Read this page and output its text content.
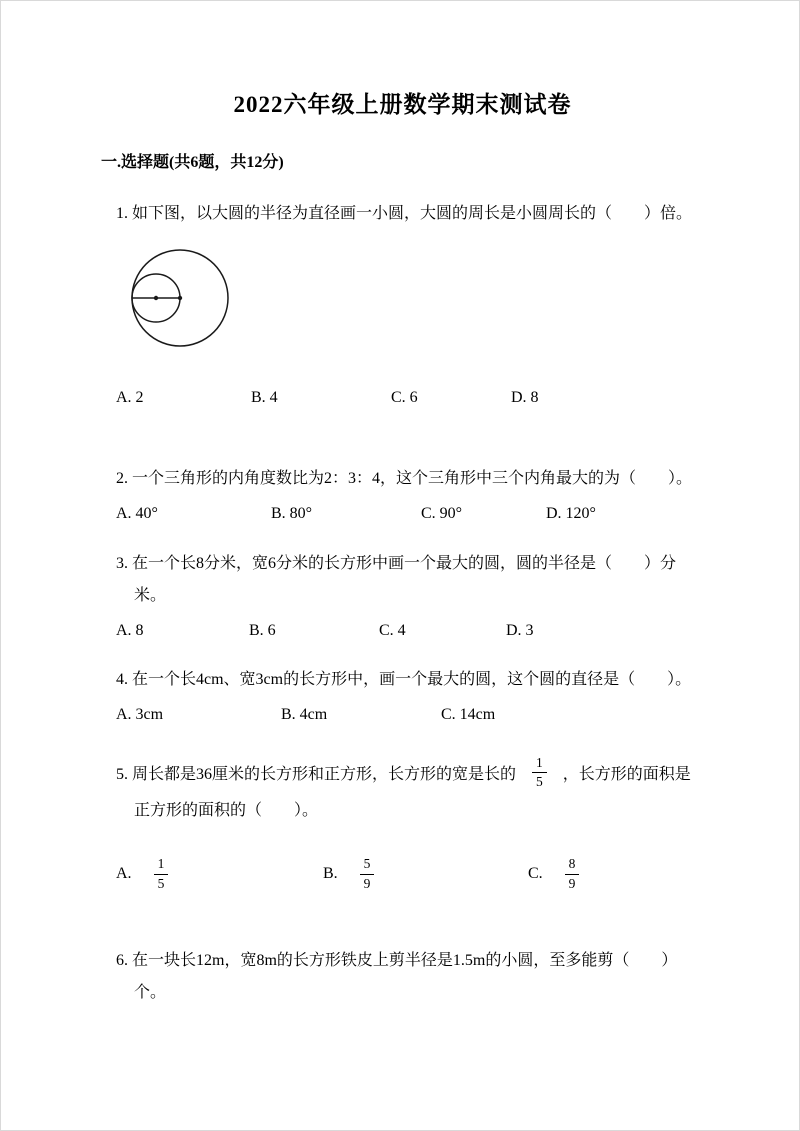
2022六年级上册数学期末测试卷
一.选择题(共6题，共12分)

1. 如下图，以大圆的半径为直径画一小圆，大圆的周长是小圆周长的（　　）倍。

A. 2	B. 4	C. 6	D. 8

2. 一个三角形的内角度数比为2：3：4，这个三角形中三个内角最大的为（　　）。

A. 40°	B. 80°	C. 90°	D. 120°

3. 在一个长8分米，宽6分米的长方形中画一个最大的圆，圆的半径是（　　）分米。

A. 8	B. 6	C. 4	D. 3

4. 在一个长4cm、宽3cm的长方形中，画一个最大的圆，这个圆的直径是（　　）。

A. 3cm	B. 4cm	C. 14cm

5. 周长都是36厘米的长方形和正方形，长方形的宽是长的 $\frac{1}{5}$ ，长方形的面积是正方形的面积的（　　）。

A. $\frac{1}{5}$	B. $\frac{5}{9}$	C. $\frac{8}{9}$

6. 在一块长12m，宽8m的长方形铁皮上剪半径是1.5m的小圆，至多能剪（　　）个。
